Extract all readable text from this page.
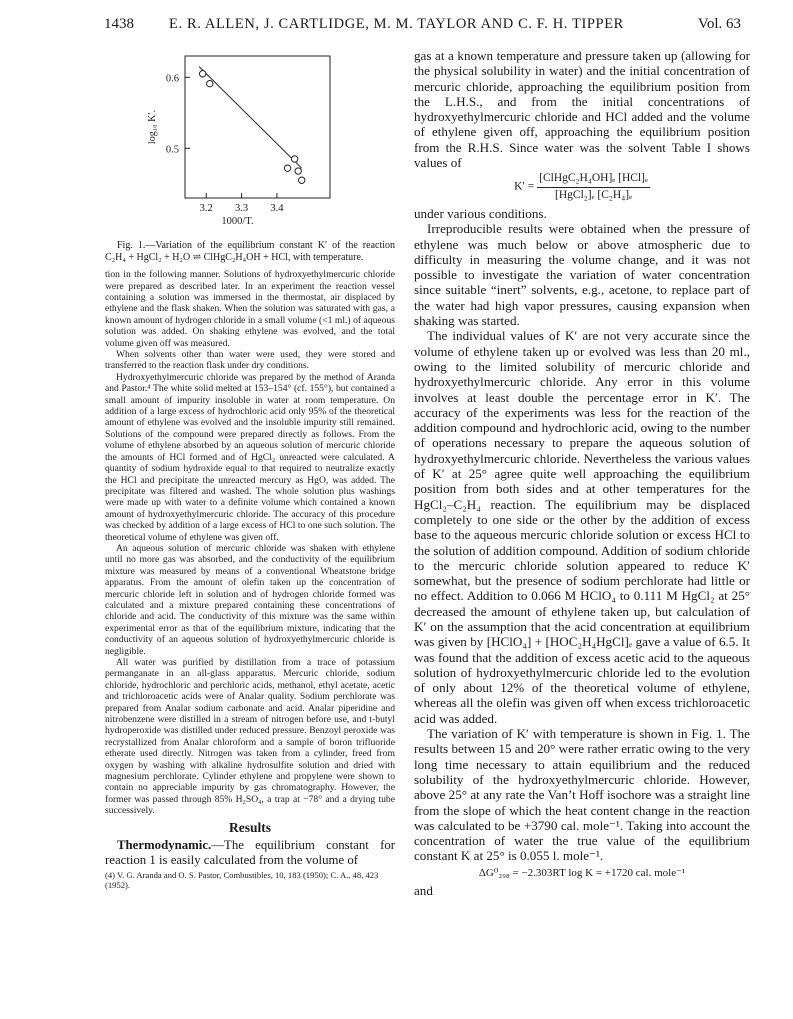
1438	E. R. ALLEN, J. CARTLIDGE, M. M. TAYLOR AND C. F. H. TIPPER	Vol. 63
3.2 3.3 3.4
0.6
0.5
1000/T.
log₁₀ K′.
Fig. 1.—Variation of the equilibrium constant K′ of the reaction C₂H₄ + HgCl₂ + H₂O ⇌ ClHgC₂H₄OH + HCl, with temperature.

tion in the following manner. Solutions of hydroxyethylmercuric chloride were prepared as described later. In an experiment the reaction vessel containing a solution was immersed in the thermostat, air displaced by ethylene and the flask shaken. When the solution was saturated with gas, a known amount of hydrogen chloride in a small volume (<1 ml.) of aqueous solution was added. On shaking ethylene was evolved, and the total volume given off was measured.

When solvents other than water were used, they were stored and transferred to the reaction flask under dry conditions.

Hydroxyethylmercuric chloride was prepared by the method of Aranda and Pastor.⁴ The white solid melted at 153–154° (cf. 155°), but contained a small amount of impurity insoluble in water at room temperature. On addition of a large excess of hydrochloric acid only 95% of the theoretical amount of ethylene was evolved and the insoluble impurity still remained. Solutions of the compound were prepared directly as follows. From the volume of ethylene absorbed by an aqueous solution of mercuric chloride the amounts of HCl formed and of HgCl₂ unreacted were calculated. A quantity of sodium hydroxide equal to that required to neutralize exactly the HCl and precipitate the unreacted mercury as HgO, was added. The precipitate was filtered and washed. The whole solution plus washings were made up with water to a definite volume which contained a known amount of hydroxyethylmercuric chloride. The accuracy of this procedure was checked by addition of a large excess of HCl to one such solution. The theoretical volume of ethylene was given off.

An aqueous solution of mercuric chloride was shaken with ethylene until no more gas was absorbed, and the conductivity of the equilibrium mixture was measured by means of a conventional Wheatstone bridge apparatus. From the amount of olefin taken up the concentration of mercuric chloride left in solution and of hydrogen chloride formed was calculated and a mixture prepared containing these concentrations of chloride and acid. The conductivity of this mixture was the same within experimental error as that of the equilibrium mixture, indicating that the conductivity of an aqueous solution of hydroxyethylmercuric chloride is negligible.

All water was purified by distillation from a trace of potassium permanganate in an all-glass apparatus. Mercuric chloride, sodium chloride, hydrochloric and perchloric acids, methanol, ethyl acetate, acetic and trichloroacetic acids were of Analar quality. Sodium perchlorate was prepared from Analar sodium carbonate and acid. Analar piperidine and nitrobenzene were distilled in a stream of nitrogen before use, and t-butyl hydroperoxide was distilled under reduced pressure. Benzoyl peroxide was recrystallized from Analar chloroform and a sample of boron trifluoride etherate used directly. Nitrogen was taken from a cylinder, freed from oxygen by washing with alkaline hydrosulfite solution and dried with magnesium perchlorate. Cylinder ethylene and propylene were shown to contain no appreciable impurity by gas chromatography. However, the former was passed through 85% H₂SO₄, a trap at −78° and a drying tube successively.

Results

Thermodynamic.—The equilibrium constant for reaction 1 is easily calculated from the volume of

(4) V. G. Aranda and O. S. Pastor, Combustibles, 10, 183 (1950); C. A., 48, 423 (1952).

gas at a known temperature and pressure taken up (allowing for the physical solubility in water) and the initial concentration of mercuric chloride, approaching the equilibrium position from the L.H.S., and from the initial concentrations of hydroxyethylmercuric chloride and HCl added and the volume of ethylene given off, approaching the equilibrium position from the R.H.S. Since water was the solvent Table I shows values of

$K' = \frac{\text{[ClHgC₂H₄OH]ₑ [HCl]ₑ}}{\text{[HgCl₂]ₑ [C₂H₄]ₑ}}$

under various conditions.

Irreproducible results were obtained when the pressure of ethylene was much below or above atmospheric due to difficulty in measuring the volume change, and it was not possible to investigate the variation of water concentration since suitable “inert” solvents, e.g., acetone, to replace part of the water had high vapor pressures, causing expansion when shaking was started.

The individual values of K′ are not very accurate since the volume of ethylene taken up or evolved was less than 20 ml., owing to the limited solubility of mercuric chloride and hydroxyethylmercuric chloride. Any error in this volume involves at least double the percentage error in K′. The accuracy of the experiments was less for the reaction of the addition compound and hydrochloric acid, owing to the number of operations necessary to prepare the aqueous solution of hydroxyethylmercuric chloride. Nevertheless the various values of K′ at 25° agree quite well approaching the equilibrium position from both sides and at other temperatures for the HgCl₂–C₂H₄ reaction. The equilibrium may be displaced completely to one side or the other by the addition of excess base to the aqueous mercuric chloride solution or excess HCl to the solution of addition compound. Addition of sodium chloride to the mercuric chloride solution appeared to reduce K′ somewhat, but the presence of sodium perchlorate had little or no effect. Addition to 0.066 M HClO₄ to 0.111 M HgCl₂ at 25° decreased the amount of ethylene taken up, but calculation of K′ on the assumption that the acid concentration at equilibrium was given by [HClO₄] + [HOC₂H₄HgCl]ₑ gave a value of 6.5. It was found that the addition of excess acetic acid to the aqueous solution of hydroxyethylmercuric chloride led to the evolution of only about 12% of the theoretical volume of ethylene, whereas all the olefin was given off when excess trichloroacetic acid was added.

The variation of K′ with temperature is shown in Fig. 1. The results between 15 and 20° were rather erratic owing to the very long time necessary to attain equilibrium and the reduced solubility of the hydroxyethylmercuric chloride. However, above 25° at any rate the Van’t Hoff isochore was a straight line from the slope of which the heat content change in the reaction was calculated to be +3790 cal. mole⁻¹. Taking into account the concentration of water the true value of the equilibrium constant K at 25° is 0.055 l. mole⁻¹.

ΔG⁰₂₉₈ = −2.303RT log K = +1720 cal. mole⁻¹

and
